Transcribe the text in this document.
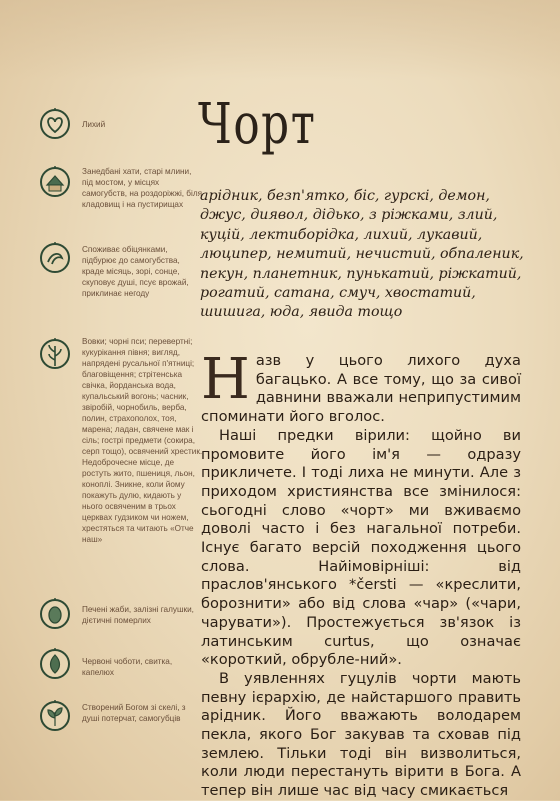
Лихий
Занедбані хати, старі млини, під мостом, у місцях самогубств, на роздоріжжі, біля кладовищ і на пустирищах
Споживає обіцянками, підбурює до самогубства, краде місяць, зорі, сонце, скуповує душі, псує врожай, приклинає негоду
Вовки; чорні пси; перевертні; кукурікання півня; вигляд, напрядені русальної п'ятниці; благовіщення; стрітенська свічка, йорданська вода, купальський вогонь; часник, звіробій, чорнобиль, верба, полин, страхополох, тоя, марена; ладан, свячене мак і сіль; гострі предмети (сокира, серп тощо), освячений хрестик. Недоброчесне місце, де ростуть жито, пшениця, льон, коноплі. Зникне, коли йому покажуть дулю, кидають у нього освяченим в трьох церквах гудзиком чи ножем, хрестяться та читають «Отче наш»
Печені жаби, залізні галушки, дієтичні померлих
Червоні чоботи, свитка, капелюх
Створений Богом зі скелі, з душі потерчат, самогубців
Чорт
арідник, безп'ятко, біс, гурскі, демон, джус, диявол, дідько, з ріжками, злий, куцій, лектиборідка, лихий, лукавий, люципер, немитий, нечистий, обпаленик, пекун, планетник, пунькатий, ріжкатий, рогатий, сатана, смуч, хвостатий, шишига, юда, явида тощо

Назв у цього лихого духа багацько. А все тому, що за сивої давнини вважали неприпустимим споминати його вголос.

Наші предки вірили: щойно ви промовите його ім'я — одразу прикличете. І тоді лиха не минути. Але з приходом християнства все змінилося: сьогодні слово «чорт» ми вживаємо доволі часто і без нагальної потреби. Існує багато версій походження цього слова. Найімовірніші: від праслов'янського *čersti — «креслити, борознити» або від слова «чар» («чари, чарувати»). Простежується зв'язок із латинським curtus, що означає «короткий, обрубле-ний».

В уявленнях гуцулів чорти мають певну ієрархію, де найстаршого править арідник. Його вважають володарем пекла, якого Бог закував та сховав під землею. Тільки тоді він визволиться, коли люди перестануть вірити в Бога. А тепер він лише час від часу смикається
